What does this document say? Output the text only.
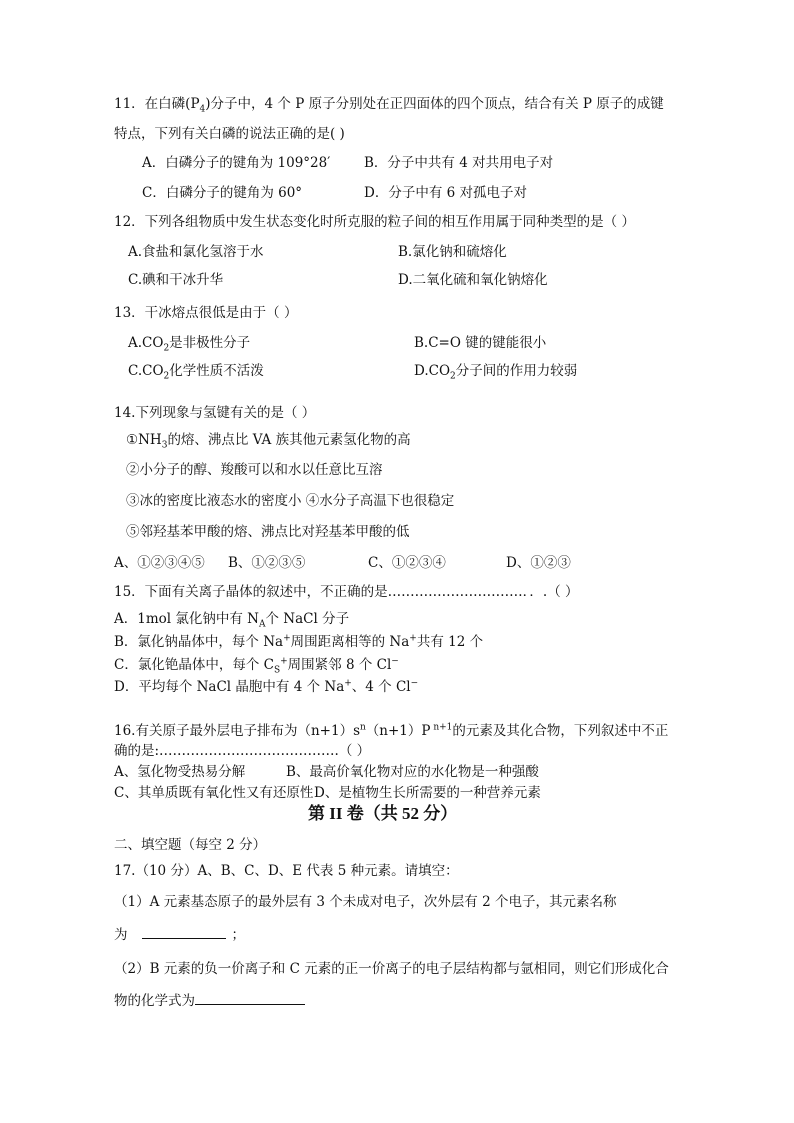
11．在白磷$(P_4)$分子中，4 个 P 原子分别处在正四面体的四个顶点，结合有关 P 原子的成键
特点，下列有关白磷的说法正确的是( )
A．白磷分子的键角为 109°28′ B．分子中共有 4 对共用电子对
C．白磷分子的键角为 60°	D．分子中有 6 对孤电子对
12．下列各组物质中发生状态变化时所克服的粒子间的相互作用属于同种类型的是（ ）
A.食盐和氯化氢溶于水	B.氯化钠和硫熔化
C.碘和干冰升华	D.二氧化硫和氧化钠熔化
13．干冰熔点很低是由于（ ）
$A.CO_2$是非极性分子	B.C=O 键的键能很小
$C.CO_2$化学性质不活泼	$D.CO_2$分子间的作用力较弱
14.下列现象与氢键有关的是（ ）
$①NH_3$的熔、沸点比 VA 族其他元素氢化物的高
②小分子的醇、羧酸可以和水以任意比互溶
③冰的密度比液态水的密度小 ④水分子高温下也很稳定
⑤邻羟基苯甲酸的熔、沸点比对羟基苯甲酸的低
A、①②③④⑤ B、①②③⑤	C、①②③④	D、①②③
15．下面有关离子晶体的叙述中，不正确的是…………………………．．.（ ）
A．1mol 氯化钠中有 $N_A$个 NaCl 分子
B．氯化钠晶体中，每个 Na+周围距离相等的 Na+共有 12 个
C．氯化铯晶体中，每个 $C_S^+$周围紧邻 8 个 Cl−
D．平均每个 NaCl 晶胞中有 4 个 Na+、4 个 Cl−
16.有关原子最外层电子排布为$(n+1)s^n(n+1)P$ $^{n+1}$的元素及其化合物，下列叙述中不正
确的是:………………………………….（ ）
A、氢化物受热易分解	B、最高价氧化物对应的水化物是一种强酸
C、其单质既有氧化性又有还原性 D、是植物生长所需要的一种营养元素
第 II 卷（共 52 分）
二、填空题（每空 2 分）
17.（10 分）A、B、C、D、E 代表 5 种元素。请填空：
（1）A 元素基态原子的最外层有 3 个未成对电子，次外层有 2 个电子，其元素名称
为	；
（2）B 元素的负一价离子和 C 元素的正一价离子的电子层结构都与氩相同，则它们形成化合
物的化学式为
